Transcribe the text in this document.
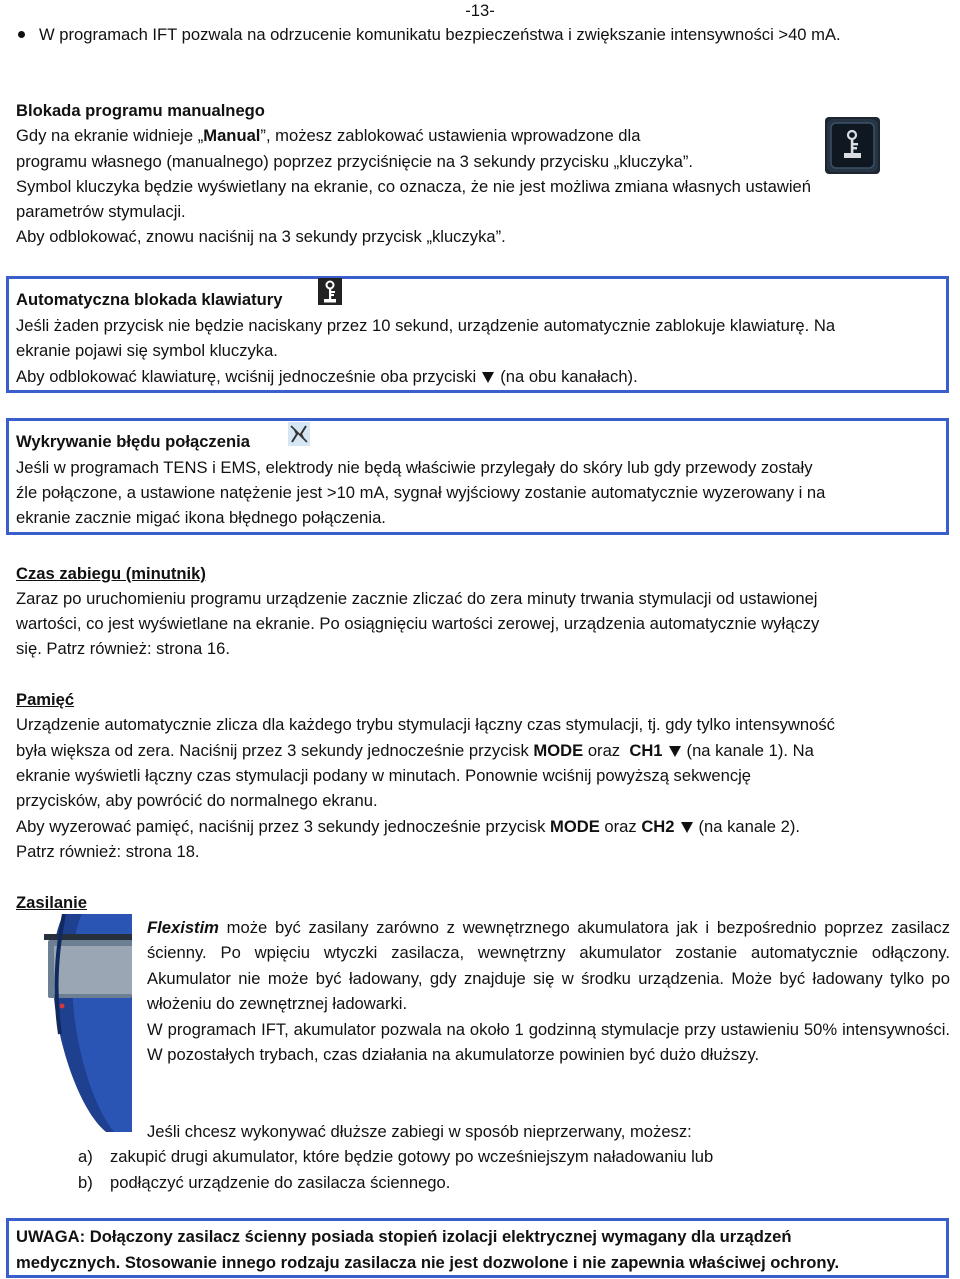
-13-
W programach IFT pozwala na odrzucenie komunikatu bezpieczeństwa i zwiększanie intensywności >40 mA.
Blokada programu manualnego
Gdy na ekranie widnieje „Manual”, możesz zablokować ustawienia wprowadzone dla
programu własnego (manualnego) poprzez przyciśnięcie na 3 sekundy przycisku „kluczyka”.
Symbol kluczyka będzie wyświetlany na ekranie, co oznacza, że nie jest możliwa zmiana własnych ustawień
parametrów stymulacji.
Aby odblokować, znowu naciśnij na 3 sekundy przycisk „kluczyka”.
Automatyczna blokada klawiatury
Jeśli żaden przycisk nie będzie naciskany przez 10 sekund, urządzenie automatycznie zablokuje klawiaturę. Na
ekranie pojawi się symbol kluczyka.
Aby odblokować klawiaturę, wciśnij jednocześnie oba przyciski (na obu kanałach).
Wykrywanie błędu połączenia
Jeśli w programach TENS i EMS, elektrody nie będą właściwie przylegały do skóry lub gdy przewody zostały
źle połączone, a ustawione natężenie jest >10 mA, sygnał wyjściowy zostanie automatycznie wyzerowany i na
ekranie zacznie migać ikona błędnego połączenia.
Czas zabiegu (minutnik)
Zaraz po uruchomieniu programu urządzenie zacznie zliczać do zera minuty trwania stymulacji od ustawionej
wartości, co jest wyświetlane na ekranie. Po osiągnięciu wartości zerowej, urządzenia automatycznie wyłączy
się. Patrz również: strona 16.
Pamięć
Urządzenie automatycznie zlicza dla każdego trybu stymulacji łączny czas stymulacji, tj. gdy tylko intensywność
była większa od zera. Naciśnij przez 3 sekundy jednocześnie przycisk MODE oraz CH1 (na kanale 1). Na
ekranie wyświetli łączny czas stymulacji podany w minutach. Ponownie wciśnij powyższą sekwencję
przycisków, aby powrócić do normalnego ekranu.
Aby wyzerować pamięć, naciśnij przez 3 sekundy jednocześnie przycisk MODE oraz CH2 (na kanale 2).
Patrz również: strona 18.
Zasilanie

Flexistim może być zasilany zarówno z wewnętrznego akumulatora jak i bezpośrednio poprzez zasilacz ścienny. Po wpięciu wtyczki zasilacza, wewnętrzny akumulator zostanie automatycznie odłączony. Akumulator nie może być ładowany, gdy znajduje się w środku urządzenia. Może być ładowany tylko po włożeniu do zewnętrznej ładowarki.

W programach IFT, akumulator pozwala na około 1 godzinną stymulacje przy ustawieniu 50% intensywności. W pozostałych trybach, czas działania na akumulatorze powinien być dużo dłuższy.

Jeśli chcesz wykonywać dłuższe zabiegi w sposób nieprzerwany, możesz:
a) zakupić drugi akumulator, które będzie gotowy po wcześniejszym naładowaniu lub
b) podłączyć urządzenie do zasilacza ściennego.
UWAGA: Dołączony zasilacz ścienny posiada stopień izolacji elektrycznej wymagany dla urządzeń
medycznych. Stosowanie innego rodzaju zasilacza nie jest dozwolone i nie zapewnia właściwej ochrony.
